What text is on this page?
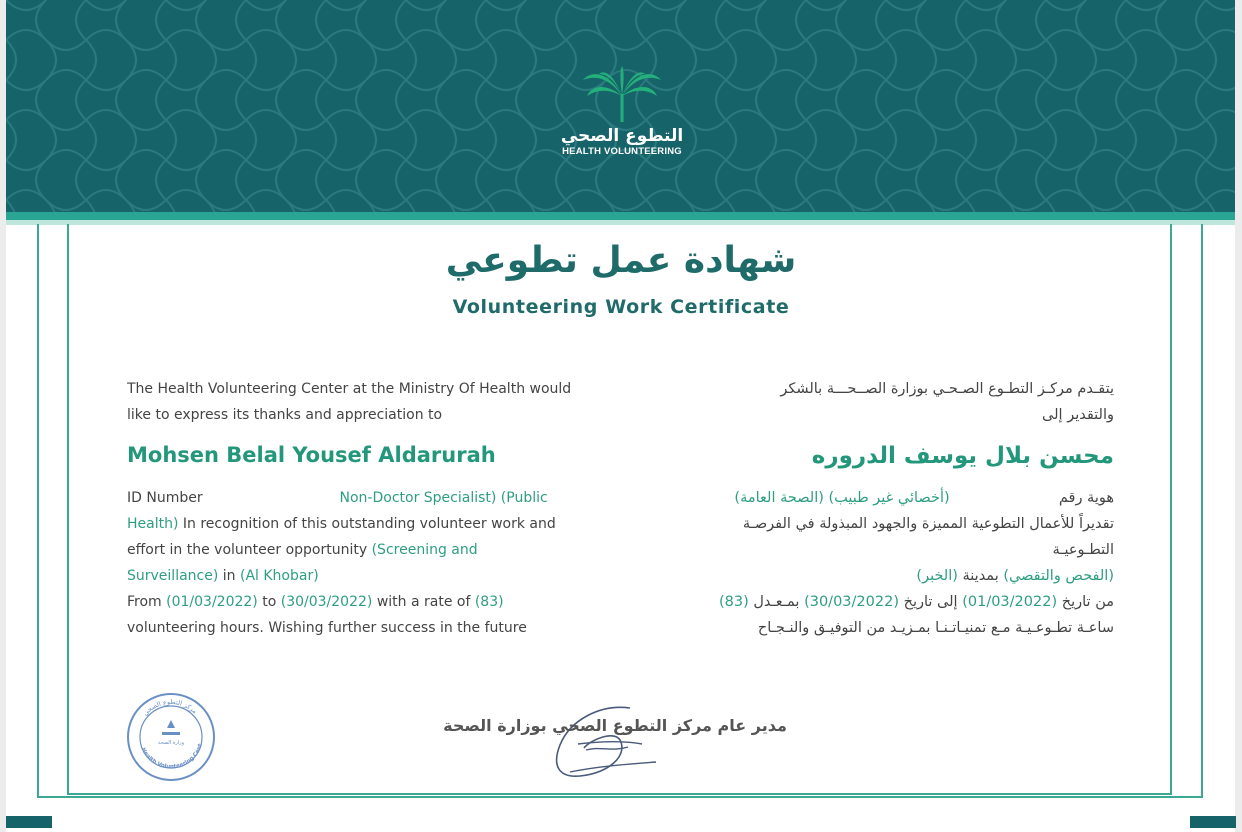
التطوع الصحي
HEALTH VOLUNTEERING
شهادة عمل تطوعي
Volunteering Work Certificate
The Health Volunteering Center at the Ministry Of Health would
like to express its thanks and appreciation to
Mohsen Belal Yousef Aldarurah
ID Number	Non-Doctor Specialist) (Public
Health) In recognition of this outstanding volunteer work and
effort in the volunteer opportunity (Screening and
Surveillance) in (Al Khobar)
From (01/03/2022) to (30/03/2022) with a rate of (83)
volunteering hours. Wishing further success in the future
يتقـدم مركـز التطـوع الصـحـي بوزارة الصــحـــة بالشكر
والتقدير إلى
محسن بلال يوسف الدروره
هوية رقم  (أخصائي غير طبيب) (الصحة العامة)
تقديراً للأعمال التطوعية المميزة والجهود المبذولة في الفرصـة
التطـوعيـة
(الفحص والتقصي) بمدينة (الخبر)
من تاريخ (01/03/2022) إلى تاريخ (30/03/2022) بمـعـدل (83)
ساعـة تطـوعـيـة مـع تمنيـاتـنـا بمـزيـد من التوفيـق والنـجـاح
مركز التطوع الصحي
Health Volunteering Cent
وزارة الصحة
مدير عام مركز التطوع الصحي بوزارة الصحة
